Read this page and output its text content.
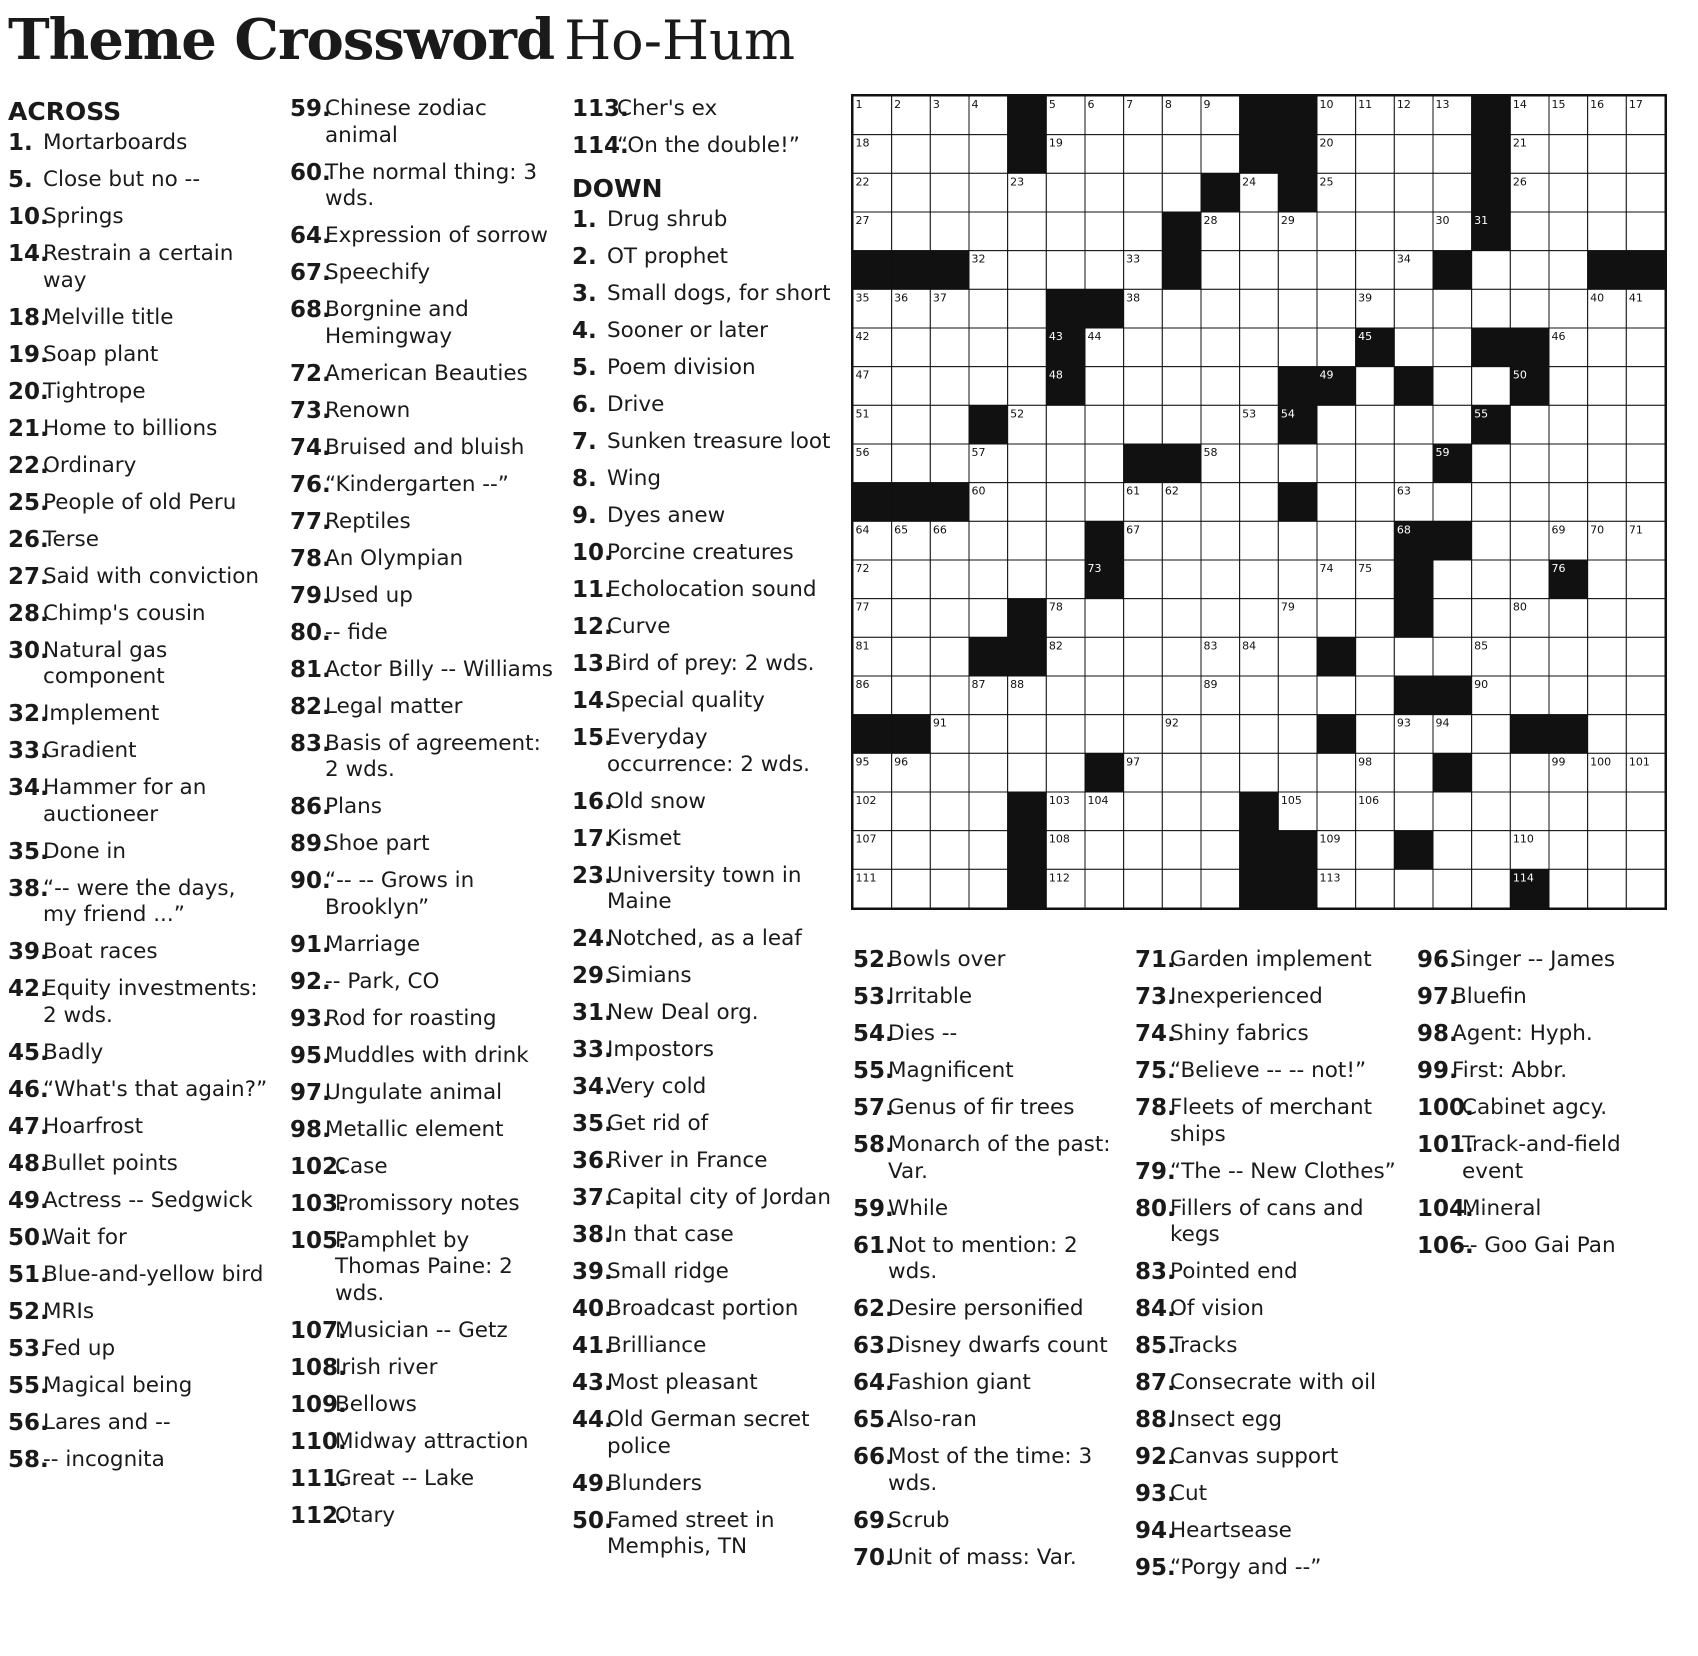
Theme Crossword Ho-Hum
ACROSS
1. Mortarboards
5. Close but no --
10.
Springs
14.
Restrain a certain way
18.
Melville title
19.
Soap plant
20.
Tightrope
21.
Home to billions
22.
Ordinary
25.
People of old Peru
26.
Terse
27.
Said with conviction
28.
Chimp's cousin
30.
Natural gas component
32.
Implement
33.
Gradient
34.
Hammer for an auctioneer
35.
Done in
38.
“-- were the days, my friend ...”
39.
Boat races
42.
Equity investments: 2 wds.
45.
Badly
46.
“What's that again?”
47.
Hoarfrost
48.
Bullet points
49.
Actress -- Sedgwick
50.
Wait for
51.
Blue-and-yellow bird
52.
MRIs
53.
Fed up
55.
Magical being
56.
Lares and --
58.
-- incognita
59.
Chinese zodiac animal
60.
The normal thing: 3 wds.
64.
Expression of sorrow
67.
Speechify
68.
Borgnine and Hemingway
72.
American Beauties
73.
Renown
74.
Bruised and bluish
76.
“Kindergarten --”
77.
Reptiles
78.
An Olympian
79.
Used up
80.
-- fide
81.
Actor Billy -- Williams
82.
Legal matter
83.
Basis of agreement: 2 wds.
86.
Plans
89.
Shoe part
90.
“-- -- Grows in Brooklyn”
91.
Marriage
92.
-- Park, CO
93.
Rod for roasting
95.
Muddles with drink
97.
Ungulate animal
98.
Metallic element
102.
Case
103.
Promissory notes
105.
Pamphlet by Thomas Paine: 2 wds.
107.
Musician -- Getz
108.
Irish river
109.
Bellows
110.
Midway attraction
111.
Great -- Lake
112.
Otary
113.
Cher's ex
114.
“On the double!”
DOWN
1. Drug shrub
2. OT prophet
3. Small dogs, for short
4. Sooner or later
5. Poem division
6. Drive
7. Sunken treasure loot
8. Wing
9. Dyes anew
10.
Porcine creatures
11.
Echolocation sound
12.
Curve
13.
Bird of prey: 2 wds.
14.
Special quality
15.
Everyday occurrence: 2 wds.
16.
Old snow
17.
Kismet
23.
University town in Maine
24.
Notched, as a leaf
29.
Simians
31.
New Deal org.
33.
Impostors
34.
Very cold
35.
Get rid of
36.
River in France
37.
Capital city of Jordan
38.
In that case
39.
Small ridge
40.
Broadcast portion
41.
Brilliance
43.
Most pleasant
44.
Old German secret police
49.
Blunders
50.
Famed street in Memphis, TN
52.
Bowls over
53.
Irritable
54.
Dies --
55.
Magnificent
57.
Genus of fir trees
58.
Monarch of the past: Var.
59.
While
61.
Not to mention: 2 wds.
62.
Desire personified
63.
Disney dwarfs count
64.
Fashion giant
65.
Also-ran
66.
Most of the time: 3 wds.
69.
Scrub
70.
Unit of mass: Var.
71.
Garden implement
73.
Inexperienced
74.
Shiny fabrics
75.
“Believe -- -- not!”
78.
Fleets of merchant ships
79.
“The -- New Clothes”
80.
Fillers of cans and kegs
83.
Pointed end
84.
Of vision
85.
Tracks
87.
Consecrate with oil
88.
Insect egg
92.
Canvas support
93.
Cut
94.
Heartsease
95.
“Porgy and --”
96.
Singer -- James
97.
Bluefin
98.
Agent: Hyph.
99.
First: Abbr.
100.
Cabinet agcy.
101.
Track-and-field event
104.
Mineral
106.
-- Goo Gai Pan
1	2	3	4	5	6	7	8	9	10 11 12 13	14 15 16 17
18	19	20	21
22	23	24	25	26
27	28	29	30 31
32	33	34
35 36 37	38	39	40 41
42	43 44	45	46
47	48	49	50
51	52	53 54	55
56	57	58	59
60	61 62	63
64 65 66	67	68	69 70 71
72	73	74 75	76
77	78	79	80
81	82	83 84	85
86	87 88	89	90
91	92	93 94
95 96	97	98	99 100 101
102	103 104	105	106
107	108	109	110
111	112	113	114
